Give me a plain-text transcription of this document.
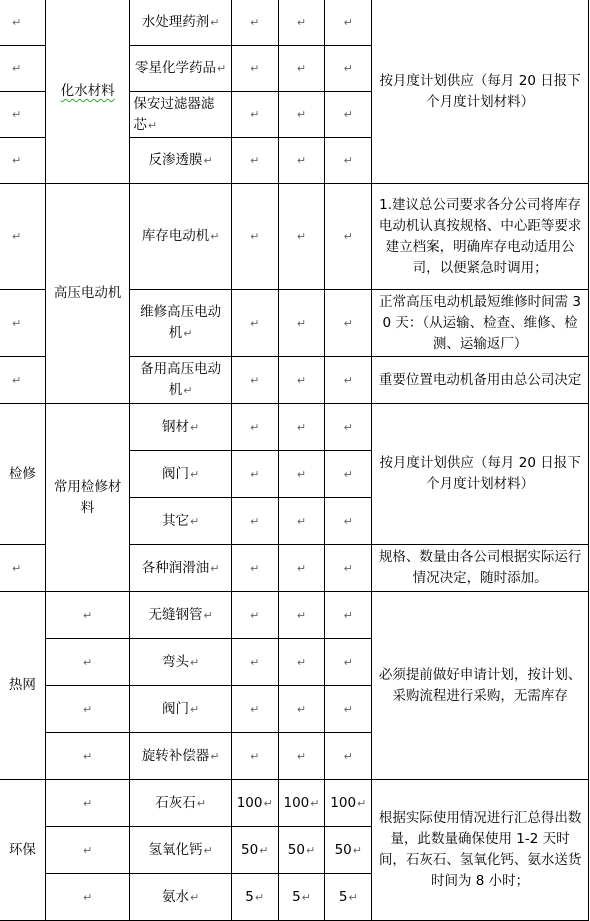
↵	化水材料	水处理药剂↵	↵	↵	↵	按月度计划供应（每月 20 日报下个月度计划材料）
↵		零星化学药品↵	↵	↵	↵	
↵		保安过滤器滤芯↵	↵	↵	↵	
↵		反渗透膜↵	↵	↵	↵	
↵	高压电动机	库存电动机↵	↵	↵	↵	1.建议总公司要求各分公司将库存电动机认真按规格、中心距等要求建立档案，明确库存电动适用公司，以便紧急时调用；
↵		维修高压电动机↵	↵	↵	↵	正常高压电动机最短维修时间需 30 天：（从运输、检查、维修、检测、运输返厂）
↵		备用高压电动机↵	↵	↵	↵	重要位置电动机备用由总公司决定
检修	常用检修材料	钢材↵	↵	↵	↵	按月度计划供应（每月 20 日报下个月度计划材料）
		阀门↵	↵	↵	↵	
		其它↵	↵	↵	↵	
↵		各种润滑油↵	↵	↵	↵	规格、数量由各公司根据实际运行情况决定，随时添加。
热网	↵	无缝钢管↵	↵	↵	↵	必须提前做好申请计划，按计划、采购流程进行采购，无需库存
	↵	弯头↵	↵	↵	↵	
	↵	阀门↵	↵	↵	↵	
	↵	旋转补偿器↵	↵	↵	↵	
环保	↵	石灰石↵	100↵	100↵	100↵	根据实际使用情况进行汇总得出数量，此数量确保使用 1-2 天时间，石灰石、氢氧化钙、氨水送货时间为 8 小时；
	↵	氢氧化钙↵	50↵	50↵	50↵	
	↵	氨水↵	5↵	5↵	5↵	
